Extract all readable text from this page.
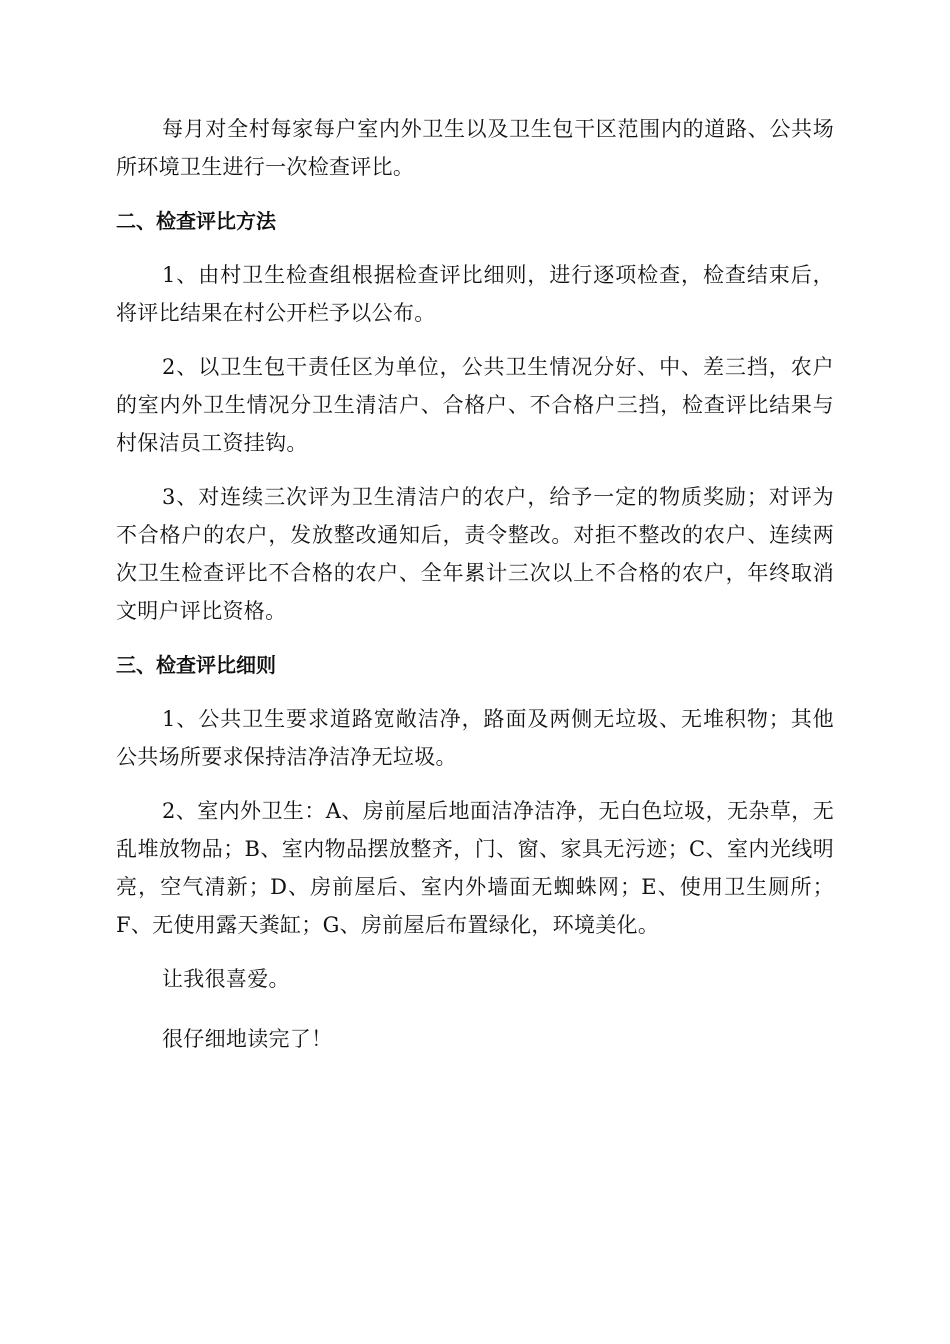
每月对全村每家每户室内外卫生以及卫生包干区范围内的道路、公共场所环境卫生进行一次检查评比。

二、检查评比方法

1、由村卫生检查组根据检查评比细则，进行逐项检查，检查结束后，将评比结果在村公开栏予以公布。

2、以卫生包干责任区为单位，公共卫生情况分好、中、差三挡，农户的室内外卫生情况分卫生清洁户、合格户、不合格户三挡，检查评比结果与村保洁员工资挂钩。

3、对连续三次评为卫生清洁户的农户，给予一定的物质奖励；对评为不合格户的农户，发放整改通知后，责令整改。对拒不整改的农户、连续两次卫生检查评比不合格的农户、全年累计三次以上不合格的农户，年终取消文明户评比资格。

三、检查评比细则

1、公共卫生要求道路宽敞洁净，路面及两侧无垃圾、无堆积物；其他公共场所要求保持洁净洁净无垃圾。

2、室内外卫生：A、房前屋后地面洁净洁净，无白色垃圾，无杂草，无乱堆放物品；B、室内物品摆放整齐，门、窗、家具无污迹；C、室内光线明亮，空气清新；D、房前屋后、室内外墙面无蜘蛛网；E、使用卫生厕所；F、无使用露天粪缸；G、房前屋后布置绿化，环境美化。

让我很喜爱。

很仔细地读完了！
